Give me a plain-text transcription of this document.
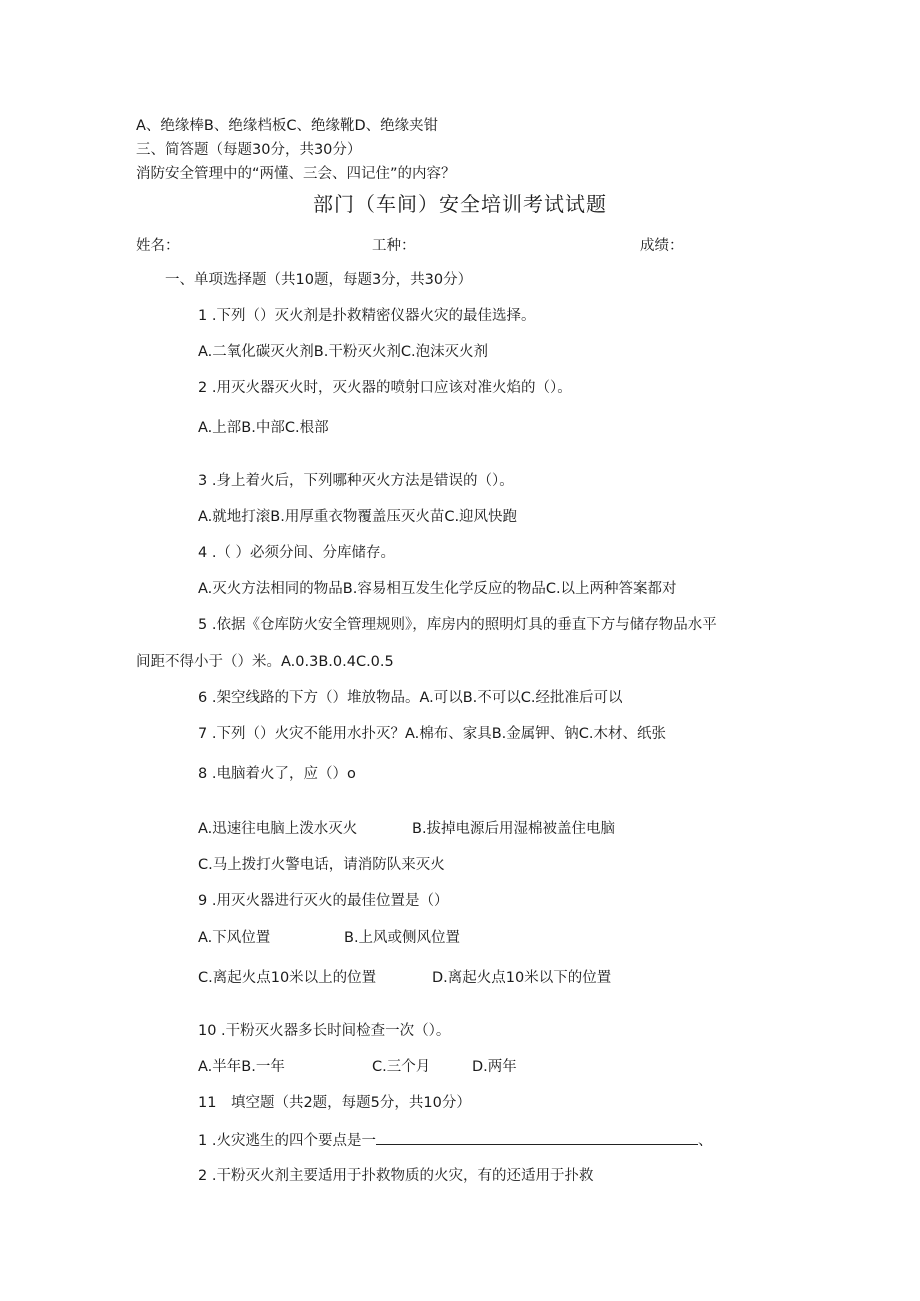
A、绝缘棒B、绝缘档板C、绝缘靴D、绝缘夹钳
三、简答题（每题30分，共30分）
消防安全管理中的“两懂、三会、四记住”的内容？
部门（车间）安全培训考试试题
姓名：	工种：	成绩：
一、单项选择题（共10题，每题3分，共30分）
1 .下列（）灭火剂是扑救精密仪器火灾的最佳选择。
A.二氧化碳灭火剂B.干粉灭火剂C.泡沫灭火剂
2 .用灭火器灭火时，灭火器的喷射口应该对准火焰的（）。
A.上部B.中部C.根部
3 .身上着火后，下列哪种灭火方法是错误的（）。
A.就地打滚B.用厚重衣物覆盖压灭火苗C.迎风快跑
4 .（ ）必须分间、分库储存。
A.灭火方法相同的物品B.容易相互发生化学反应的物品C.以上两种答案都对
5 .依据《仓库防火安全管理规则》，库房内的照明灯具的垂直下方与储存物品水平
间距不得小于（）米。A.0.3B.0.4C.0.5
6 .架空线路的下方（）堆放物品。A.可以B.不可以C.经批准后可以
7 .下列（）火灾不能用水扑灭？A.棉布、家具B.金属钾、钠C.木材、纸张
8 .电脑着火了，应（）o
A.迅速往电脑上泼水灭火	B.拔掉电源后用湿棉被盖住电脑
C.马上拨打火警电话，请消防队来灭火
9 .用灭火器进行灭火的最佳位置是（）
A.下风位置	B.上风或侧风位置
C.离起火点10米以上的位置	D.离起火点10米以下的位置
10 .干粉灭火器多长时间检查一次（）。
A.半年B.一年	C.三个月	D.两年
11　填空题（共2题，每题5分，共10分）
1 .火灾逃生的四个要点是一	、
2 .干粉灭火剂主要适用于扑救物质的火灾，有的还适用于扑救
